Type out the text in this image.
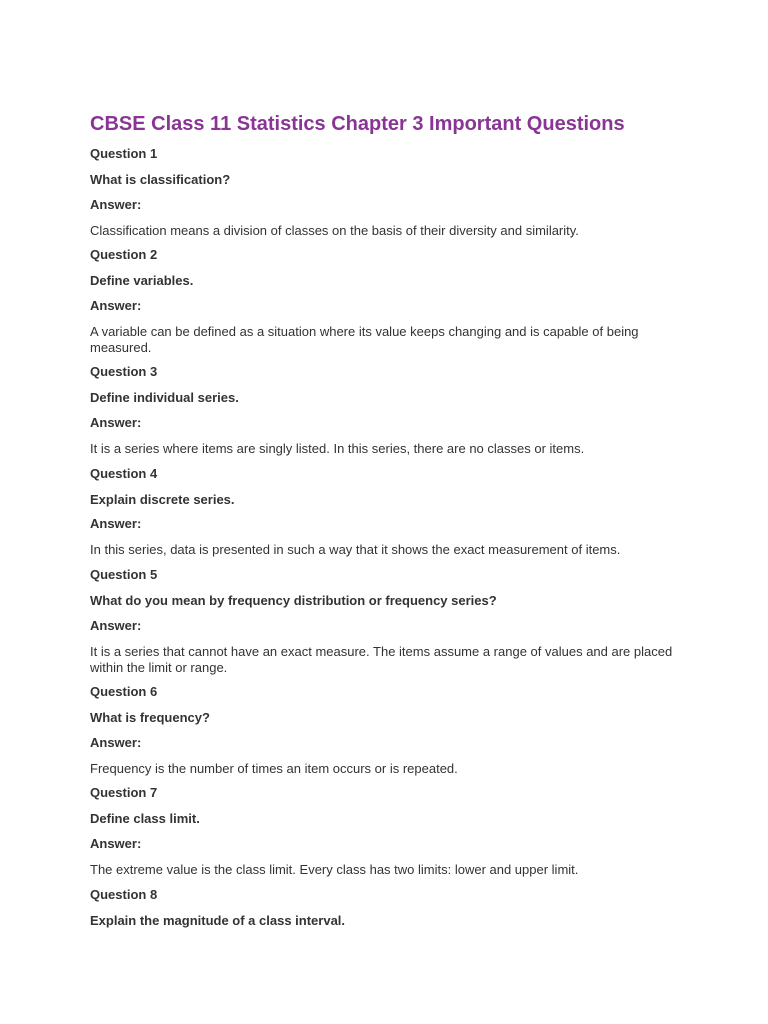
CBSE Class 11 Statistics Chapter 3 Important Questions

Question 1

What is classification?

Answer:

Classification means a division of classes on the basis of their diversity and similarity.

Question 2

Define variables.

Answer:

A variable can be defined as a situation where its value keeps changing and is capable of being measured.

Question 3

Define individual series.

Answer:

It is a series where items are singly listed. In this series, there are no classes or items.

Question 4

Explain discrete series.

Answer:

In this series, data is presented in such a way that it shows the exact measurement of items.

Question 5

What do you mean by frequency distribution or frequency series?

Answer:

It is a series that cannot have an exact measure. The items assume a range of values and are placed within the limit or range.

Question 6

What is frequency?

Answer:

Frequency is the number of times an item occurs or is repeated.

Question 7

Define class limit.

Answer:

The extreme value is the class limit. Every class has two limits: lower and upper limit.

Question 8

Explain the magnitude of a class interval.
